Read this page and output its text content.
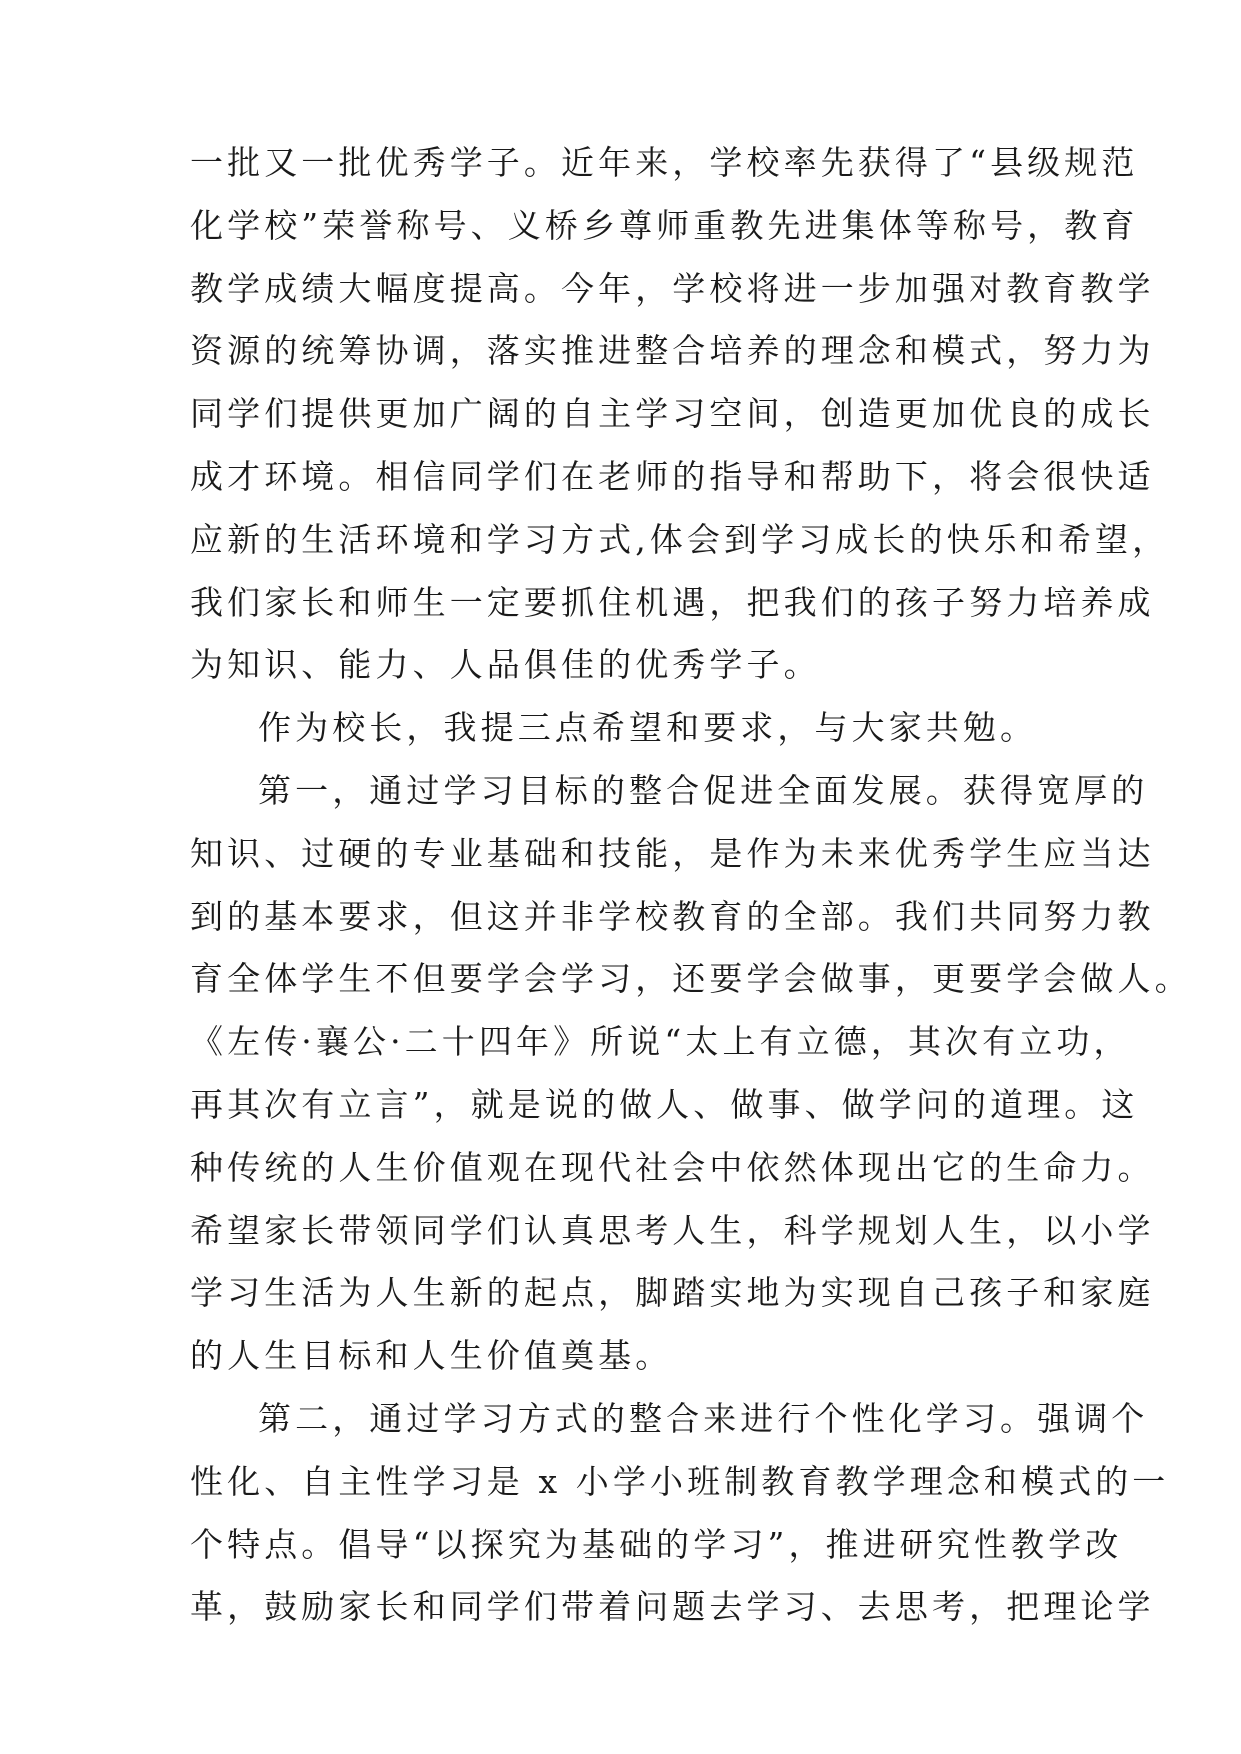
一批又一批优秀学子。近年来，学校率先获得了“县级规范
化学校”荣誉称号、义桥乡尊师重教先进集体等称号，教育
教学成绩大幅度提高。今年，学校将进一步加强对教育教学
资源的统筹协调，落实推进整合培养的理念和模式，努力为
同学们提供更加广阔的自主学习空间，创造更加优良的成长
成才环境。相信同学们在老师的指导和帮助下，将会很快适
应新的生活环境和学习方式,体会到学习成长的快乐和希望，
我们家长和师生一定要抓住机遇，把我们的孩子努力培养成
为知识、能力、人品俱佳的优秀学子。
作为校长，我提三点希望和要求，与大家共勉。
第一，通过学习目标的整合促进全面发展。获得宽厚的
知识、过硬的专业基础和技能，是作为未来优秀学生应当达
到的基本要求，但这并非学校教育的全部。我们共同努力教
育全体学生不但要学会学习，还要学会做事，更要学会做人。
《左传·襄公·二十四年》所说“太上有立德，其次有立功，
再其次有立言”，就是说的做人、做事、做学问的道理。这
种传统的人生价值观在现代社会中依然体现出它的生命力。
希望家长带领同学们认真思考人生，科学规划人生，以小学
学习生活为人生新的起点，脚踏实地为实现自己孩子和家庭
的人生目标和人生价值奠基。
第二，通过学习方式的整合来进行个性化学习。强调个
性化、自主性学习是 x 小学小班制教育教学理念和模式的一
个特点。倡导“以探究为基础的学习”，推进研究性教学改
革，鼓励家长和同学们带着问题去学习、去思考，把理论学
